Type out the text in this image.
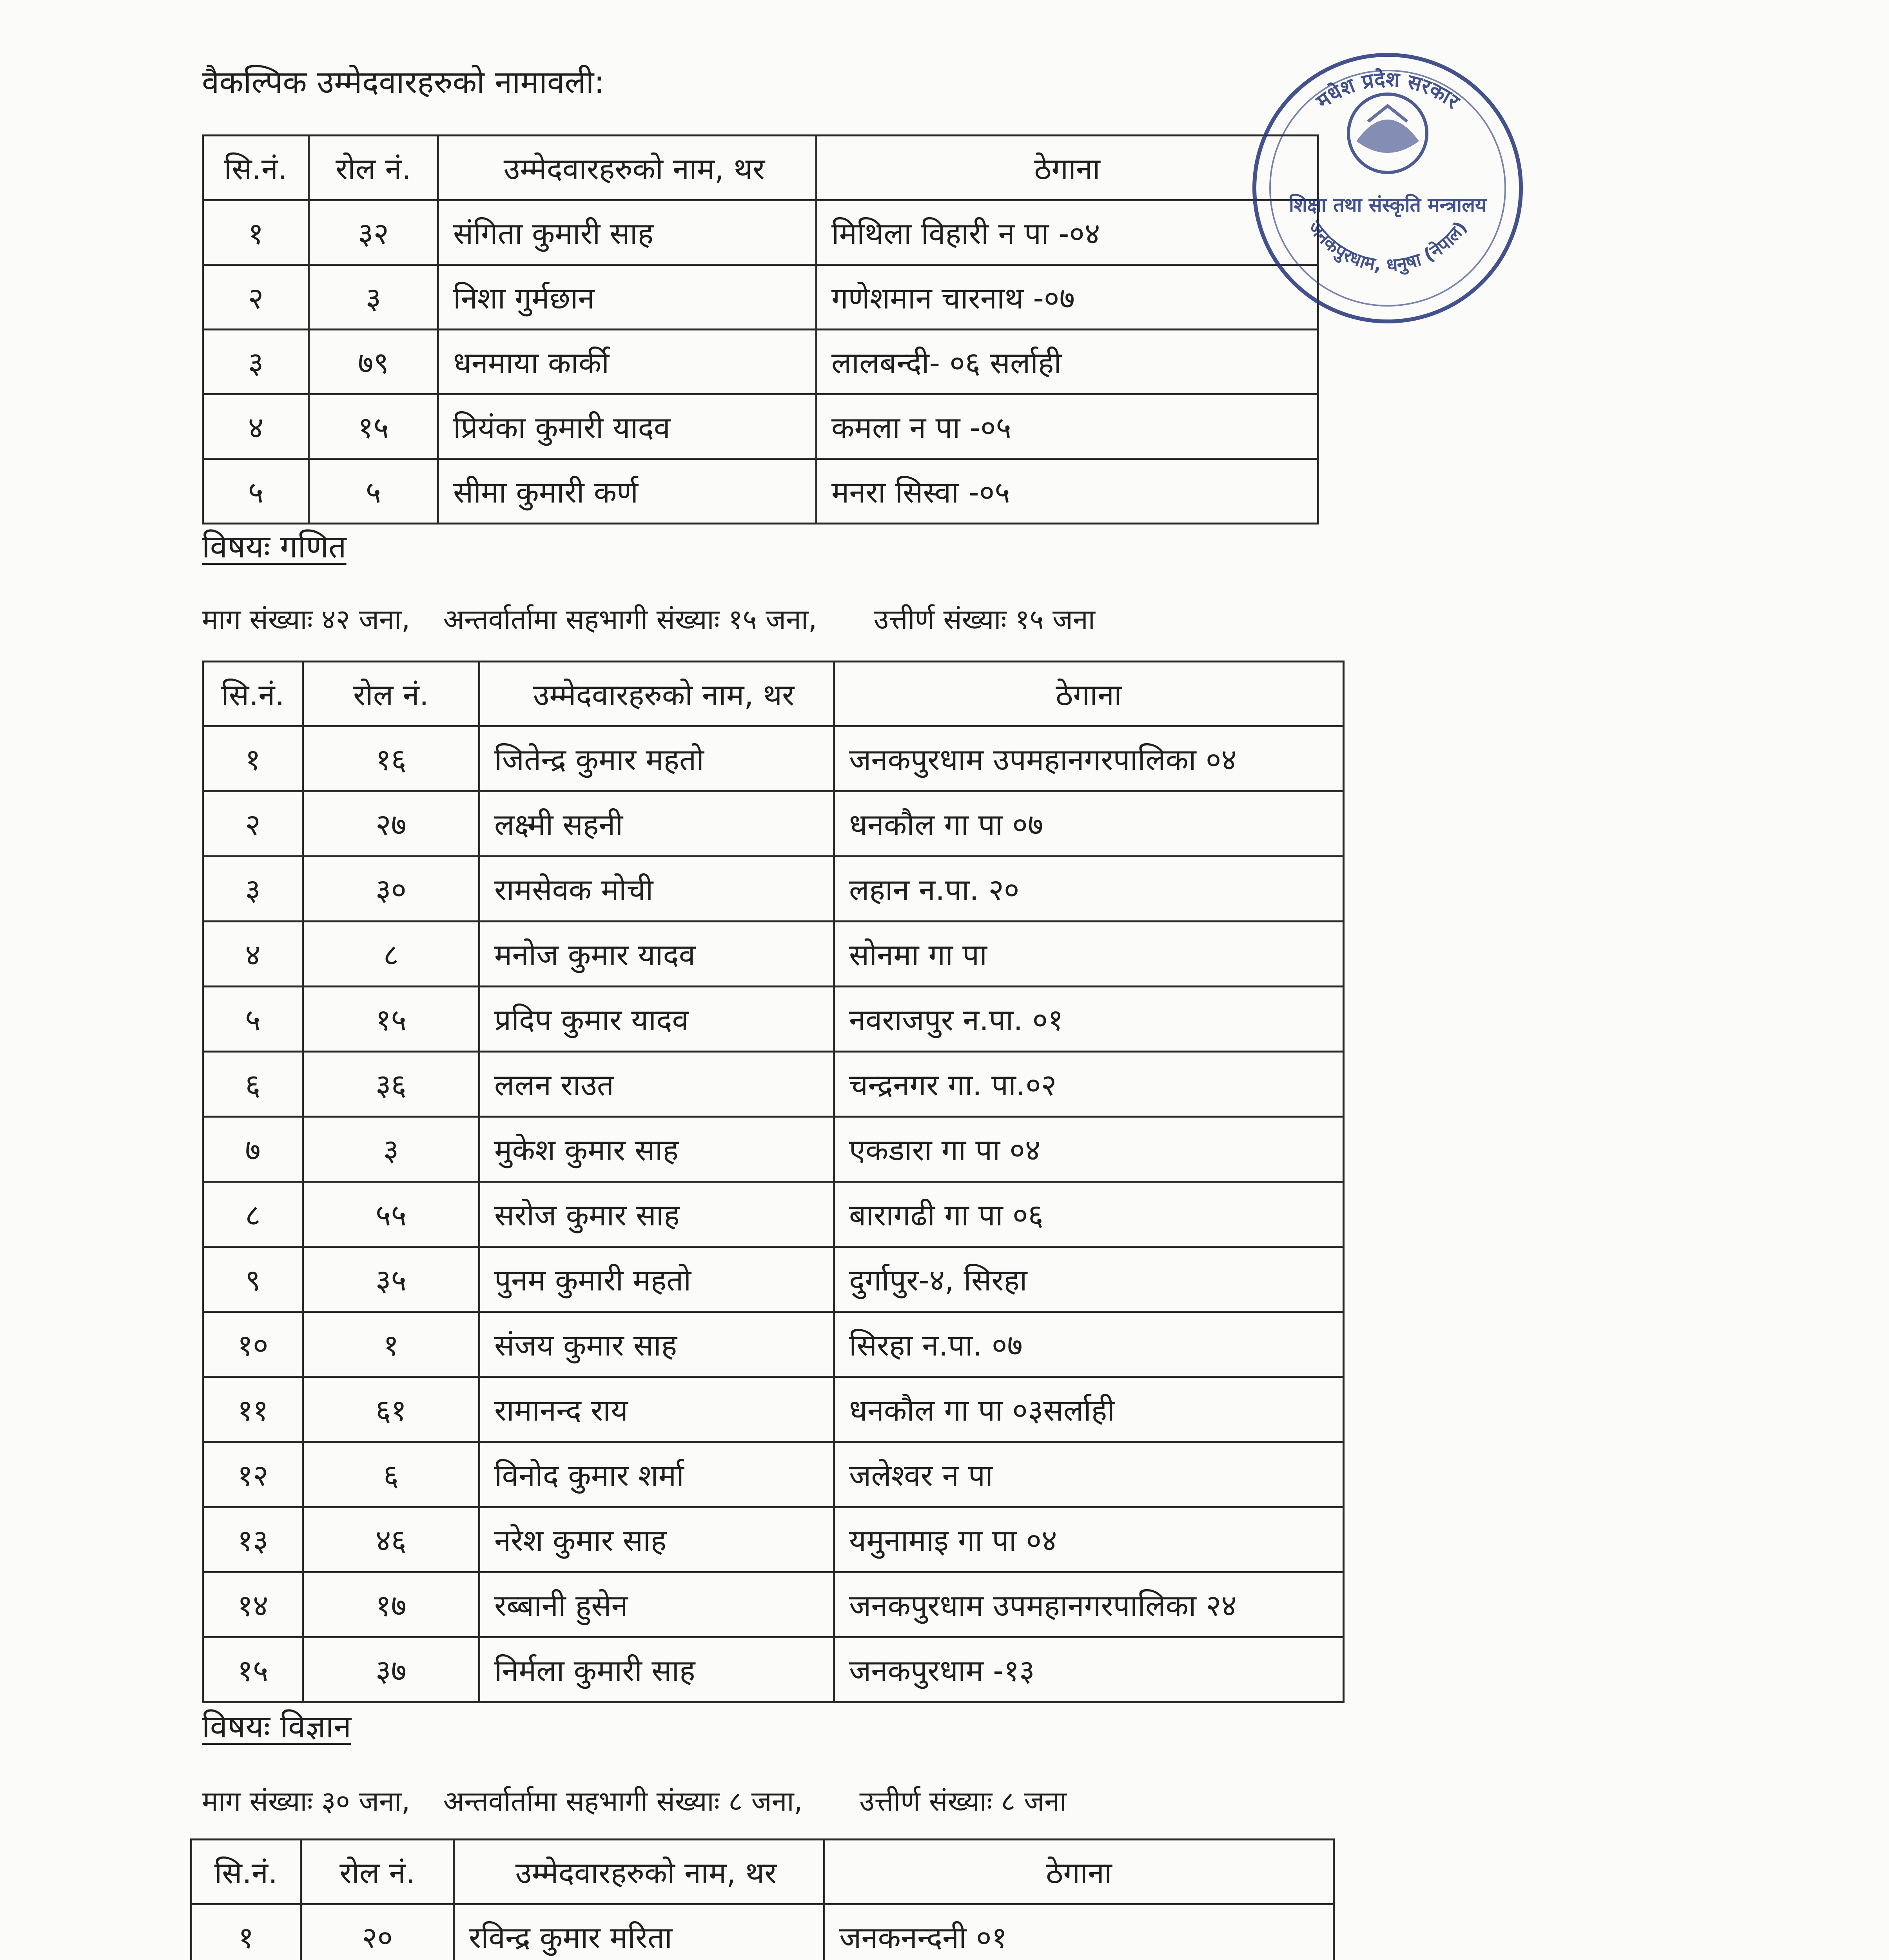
वैकल्पिक उम्मेदवारहरुको नामावली:
सि.नं.	रोल नं.	उम्मेदवारहरुको नाम, थर	ठेगाना
१	३२	संगिता कुमारी साह	मिथिला विहारी न पा -०४
२	३	निशा गुर्मछान	गणेशमान चारनाथ -०७
३	७९	धनमाया कार्की	लालबन्दी- ०६ सर्लाही
४	१५	प्रियंका कुमारी यादव	कमला न पा -०५
५	५	सीमा कुमारी कर्ण	मनरा सिस्वा -०५
विषयः गणित
माग संख्याः ४२ जना, अन्तर्वार्तामा सहभागी संख्याः १५ जना, उत्तीर्ण संख्याः १५ जना
सि.नं.	रोल नं.	उम्मेदवारहरुको नाम, थर	ठेगाना
१	१६	जितेन्द्र कुमार महतो	जनकपुरधाम उपमहानगरपालिका ०४
२	२७	लक्ष्मी सहनी	धनकौल गा पा ०७
३	३०	रामसेवक मोची	लहान न.पा. २०
४	८	मनोज कुमार यादव	सोनमा गा पा
५	१५	प्रदिप कुमार यादव	नवराजपुर न.पा. ०१
६	३६	ललन राउत	चन्द्रनगर गा. पा.०२
७	३	मुकेश कुमार साह	एकडारा गा पा ०४
८	५५	सरोज कुमार साह	बारागढी गा पा ०६
९	३५	पुनम कुमारी महतो	दुर्गापुर-४, सिरहा
१०	१	संजय कुमार साह	सिरहा न.पा. ०७
११	६१	रामानन्द राय	धनकौल गा पा ०३सर्लाही
१२	६	विनोद कुमार शर्मा	जलेश्वर न पा
१३	४६	नरेश कुमार साह	यमुनामाइ गा पा ०४
१४	१७	रब्बानी हुसेन	जनकपुरधाम उपमहानगरपालिका २४
१५	३७	निर्मला कुमारी साह	जनकपुरधाम -१३
विषयः विज्ञान
माग संख्याः ३० जना, अन्तर्वार्तामा सहभागी संख्याः ८ जना, उत्तीर्ण संख्याः ८ जना
सि.नं.	रोल नं.	उम्मेदवारहरुको नाम, थर	ठेगाना
१	२०	रविन्द्र कुमार मरिता	जनकनन्दनी ०१

मधेश प्रदेश सरकार
शिक्षा तथा संस्कृति मन्त्रालय
जनकपुरधाम, धनुषा (नेपाल)
